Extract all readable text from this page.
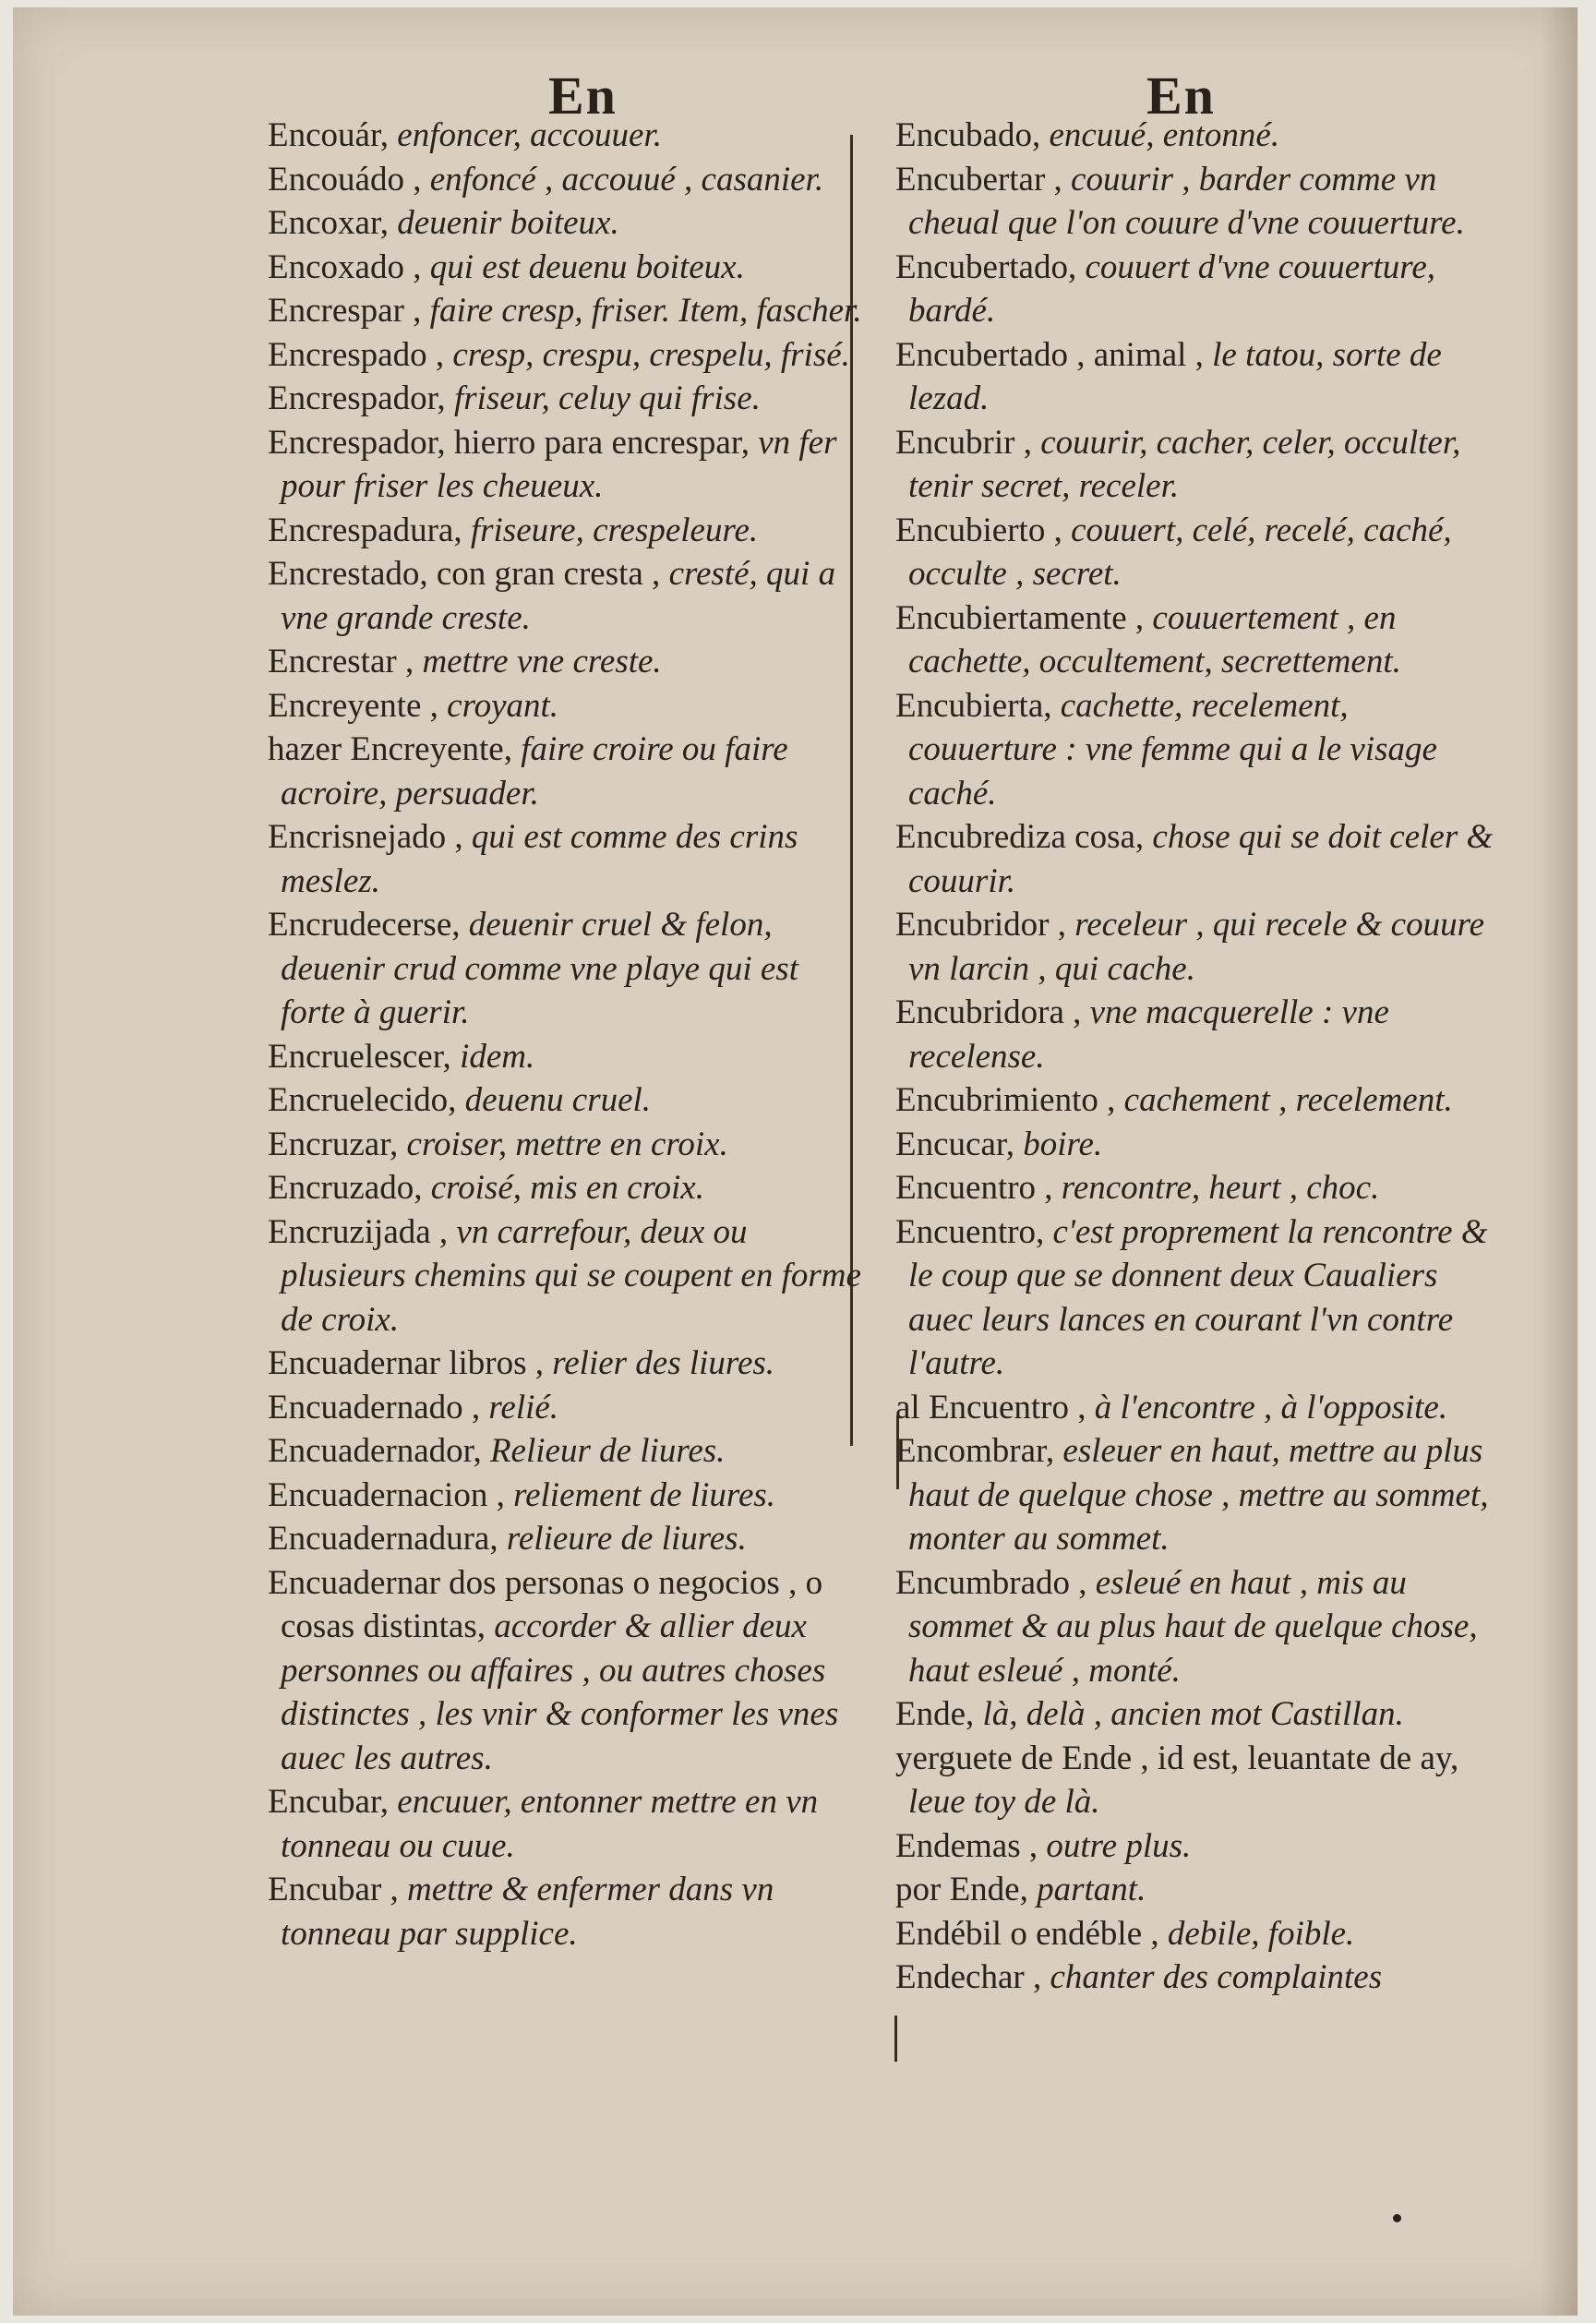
En	En

Encouár, enfoncer, accouuer.

Encouádo , enfoncé , accouué , casanier.

Encoxar, deuenir boiteux.

Encoxado , qui est deuenu boiteux.

Encrespar , faire cresp, friser. Item, fascher.

Encrespado , cresp, crespu, crespelu, frisé.

Encrespador, friseur, celuy qui frise.

Encrespador, hierro para encrespar, vn fer pour friser les cheueux.

Encrespadura, friseure, crespeleure.

Encrestado, con gran cresta , cresté, qui a vne grande creste.

Encrestar , mettre vne creste.

Encreyente , croyant.

hazer Encreyente, faire croire ou faire acroire, persuader.

Encrisnejado , qui est comme des crins meslez.

Encrudecerse, deuenir cruel & felon, deuenir crud comme vne playe qui est forte à guerir.

Encruelescer, idem.

Encruelecido, deuenu cruel.

Encruzar, croiser, mettre en croix.

Encruzado, croisé, mis en croix.

Encruzijada , vn carrefour, deux ou plusieurs chemins qui se coupent en forme de croix.

Encuadernar libros , relier des liures.

Encuadernado , relié.

Encuadernador, Relieur de liures.

Encuadernacion , reliement de liures.

Encuadernadura, relieure de liures.

Encuadernar dos personas o negocios , o cosas distintas, accorder & allier deux personnes ou affaires , ou autres choses distinctes , les vnir & conformer les vnes auec les autres.

Encubar, encuuer, entonner mettre en vn tonneau ou cuue.

Encubar , mettre & enfermer dans vn tonneau par supplice.

Encubado, encuué, entonné.

Encubertar , couurir , barder comme vn cheual que l'on couure d'vne couuerture.

Encubertado, couuert d'vne couuerture, bardé.

Encubertado , animal , le tatou, sorte de lezad.

Encubrir , couurir, cacher, celer, occulter, tenir secret, receler.

Encubierto , couuert, celé, recelé, caché, occulte , secret.

Encubiertamente , couuertement , en cachette, occultement, secrettement.

Encubierta, cachette, recelement, couuerture : vne femme qui a le visage caché.

Encubrediza cosa, chose qui se doit celer & couurir.

Encubridor , receleur , qui recele & couure vn larcin , qui cache.

Encubridora , vne macquerelle : vne recelense.

Encubrimiento , cachement , recelement.

Encucar, boire.

Encuentro , rencontre, heurt , choc.

Encuentro, c'est proprement la rencontre & le coup que se donnent deux Caualiers auec leurs lances en courant l'vn contre l'autre.

al Encuentro , à l'encontre , à l'opposite.

Encombrar, esleuer en haut, mettre au plus haut de quelque chose , mettre au sommet, monter au sommet.

Encumbrado , esleué en haut , mis au sommet & au plus haut de quelque chose, haut esleué , monté.

Ende, là, delà , ancien mot Castillan.

yerguete de Ende , id est, leuantate de ay, leue toy de là.

Endemas , outre plus.

por Ende, partant.

Endébil o endéble , debile, foible.

Endechar , chanter des complaintes
